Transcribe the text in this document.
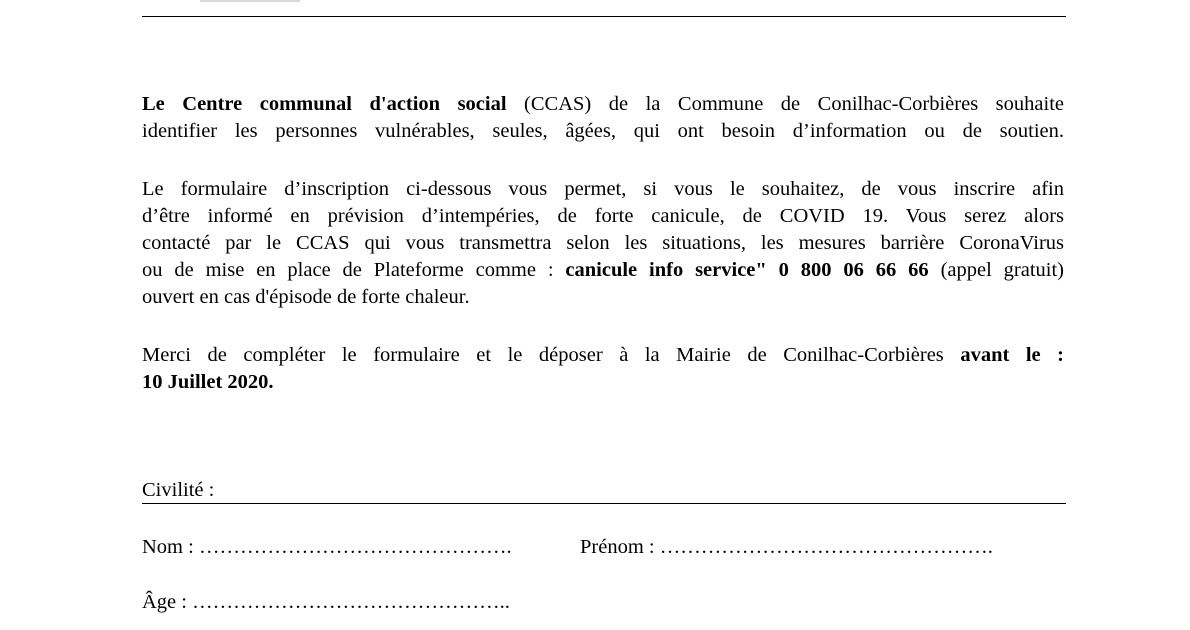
Le Centre communal d'action social (CCAS) de la Commune de Conilhac-Corbières souhaite
identifier les personnes vulnérables, seules, âgées, qui ont besoin d’information ou de soutien.
Le formulaire d’inscription ci-dessous vous permet, si vous le souhaitez, de vous inscrire afin
d’être informé en prévision d’intempéries, de forte canicule, de COVID 19. Vous serez alors
contacté par le CCAS qui vous transmettra selon les situations, les mesures barrière CoronaVirus
ou de mise en place de Plateforme comme : canicule info service" 0 800 06 66 66 (appel gratuit)
ouvert en cas d'épisode de forte chaleur.
Merci de compléter le formulaire et le déposer à la Mairie de Conilhac-Corbières avant le :
10 Juillet 2020.
Civilité :
Nom : ……………………………………….	Prénom : ………………………………………….
Âge : ………………………………………..
